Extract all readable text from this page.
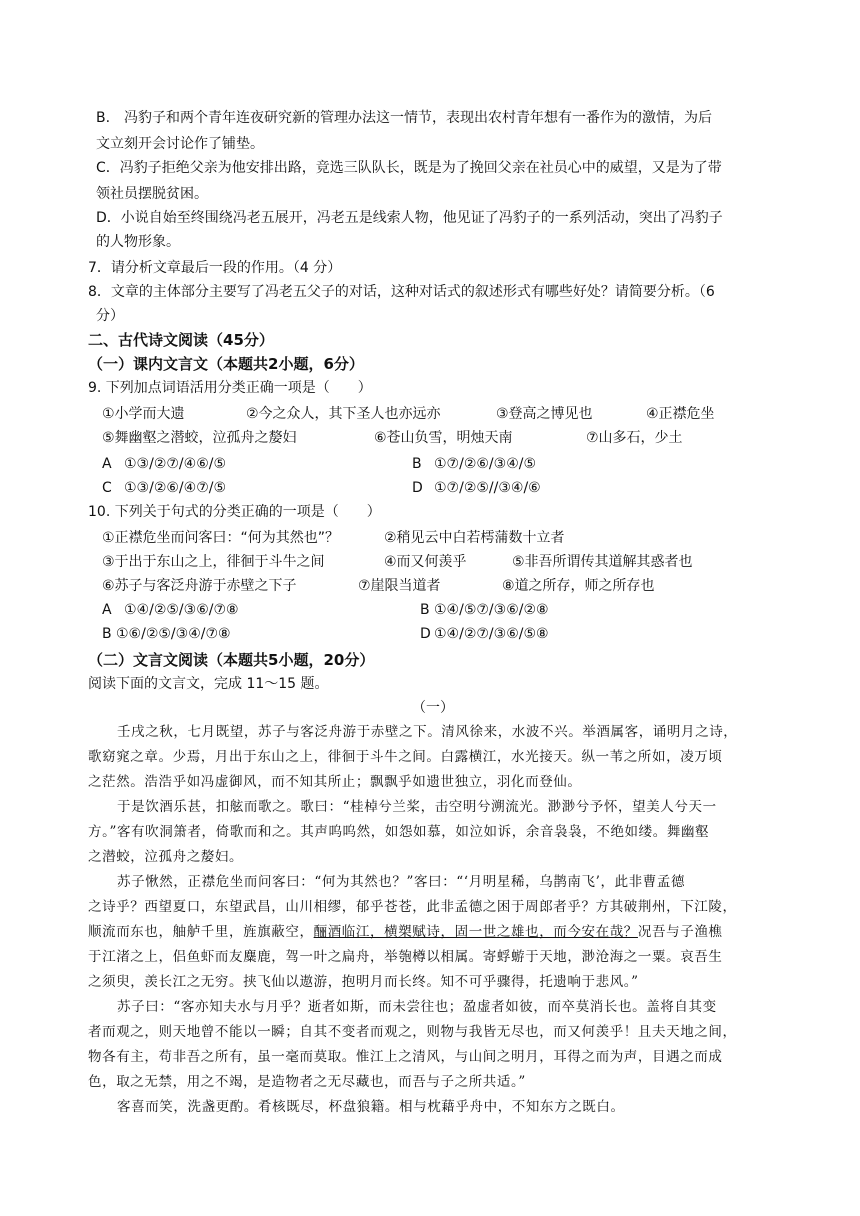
B.　冯豹子和两个青年连夜研究新的管理办法这一情节，表现出农村青年想有一番作为的激情，为后
文立刻开会讨论作了铺垫。
C．冯豹子拒绝父亲为他安排出路，竞选三队队长，既是为了挽回父亲在社员心中的威望，又是为了带
领社员摆脱贫困。
D．小说自始至终围绕冯老五展开，冯老五是线索人物，他见证了冯豹子的一系列活动，突出了冯豹子
的人物形象。
7．请分析文章最后一段的作用。（4 分）
8．文章的主体部分主要写了冯老五父子的对话，这种对话式的叙述形式有哪些好处？请简要分析。（6
分）
二、古代诗文阅读（45分）
（一）课内文言文（本题共2小题，6分）
9. 下列加点词语活用分类正确一项是（　　）
①小学而大遗	②今之众人，其下圣人也亦远亦	③登高之博见也	④正襟危坐
⑤舞幽壑之潜蛟，泣孤舟之嫠妇	⑥苍山负雪，明烛天南	⑦山多石，少土
A ①③/②⑦/④⑥/⑤	B ①⑦/②⑥/③④/⑤
C ①③/②⑥/④⑦/⑤	D ①⑦/②⑤//③④/⑥
10. 下列关于句式的分类正确的一项是（　　）
①正襟危坐而问客曰：“何为其然也”？	②稍见云中白若樗蒲数十立者
③于出于东山之上，徘徊于斗牛之间	④而又何羡乎	⑤非吾所谓传其道解其惑者也
⑥苏子与客泛舟游于赤壁之下子	⑦崖限当道者	⑧道之所存，师之所存也
A ①④/②⑤/③⑥/⑦⑧	B ①④/⑤⑦/③⑥/②⑧
B ①⑥/②⑤/③④/⑦⑧	D ①④/②⑦/③⑥/⑤⑧
（二）文言文阅读（本题共5小题，20分）
阅读下面的文言文，完成 11～15 题。
（一）
壬戌之秋，七月既望，苏子与客泛舟游于赤壁之下。清风徐来，水波不兴。举酒属客，诵明月之诗，
歌窈窕之章。少焉，月出于东山之上，徘徊于斗牛之间。白露横江，水光接天。纵一苇之所如，凌万顷
之茫然。浩浩乎如冯虚御风，而不知其所止；飘飘乎如遗世独立，羽化而登仙。
于是饮酒乐甚，扣舷而歌之。歌曰：“桂棹兮兰桨，击空明兮溯流光。渺渺兮予怀，望美人兮天一
方。”客有吹洞箫者，倚歌而和之。其声呜呜然，如怨如慕，如泣如诉，余音袅袅，不绝如缕。舞幽壑
之潜蛟，泣孤舟之嫠妇。
苏子愀然，正襟危坐而问客曰：“何为其然也？”客曰：“‘月明星稀，乌鹊南飞’，此非曹孟德
之诗乎？西望夏口，东望武昌，山川相缪，郁乎苍苍，此非孟德之困于周郎者乎？方其破荆州，下江陵，
顺流而东也，舳舻千里，旌旗蔽空，酾酒临江，横槊赋诗，固一世之雄也，而今安在哉？况吾与子渔樵
于江渚之上，侣鱼虾而友麋鹿，驾一叶之扁舟，举匏樽以相属。寄蜉蝣于天地，渺沧海之一粟。哀吾生
之须臾，羡长江之无穷。挟飞仙以遨游，抱明月而长终。知不可乎骤得，托遗响于悲风。”
苏子曰：“客亦知夫水与月乎？逝者如斯，而未尝往也；盈虚者如彼，而卒莫消长也。盖将自其变
者而观之，则天地曾不能以一瞬；自其不变者而观之，则物与我皆无尽也，而又何羡乎！且夫天地之间，
物各有主，苟非吾之所有，虽一毫而莫取。惟江上之清风，与山间之明月，耳得之而为声，目遇之而成
色，取之无禁，用之不竭，是造物者之无尽藏也，而吾与子之所共适。”
客喜而笑，洗盏更酌。肴核既尽，杯盘狼籍。相与枕藉乎舟中，不知东方之既白。
